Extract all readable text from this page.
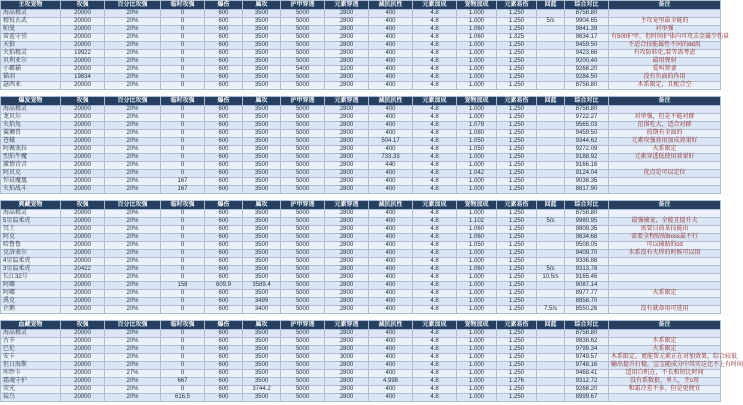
主攻宠物	攻强	百分比攻强	临时攻强	爆伤	属攻	护甲穿透	元素穿透	减抗抗性	元素加成	宠物加成	元素易伤	回蓝	综合对比	备注
海晶精灵	20000	20%	0	600	3500	5000	2800	400	4.8	1.000	1.250		8758.80	
精锐玄武	20000	20%	0	600	3500	5000	2800	400	4.8	1.000	1.250	5/s	9904.65	主攻宠里最全能的
帕曼	20000	20%	0	600	3500	5000	2800	400	4.8	1.060	1.250		9841.39	对单强
雷霆守望	20000	20%	0	600	3500	5000	2800	400	4.8	1.060	1.325		9634.17	有500护甲，但时间护体内可攻击金属少伤量
天狼	20000	20%	0	600	3500	5000	2800	400	4.8	1.000	1.250		9459.50	不适合技能属性不同的dd用
火焰精灵	19922	20%	0	600	3500	5000	2800	400	4.8	1.000	1.250		9423.66	有攻防转化,装等需考虑
贝利亚尔	20000	20%	0	600	3500	5000	2800	400	4.8	1.000	1.250		9200.40	最用弹射
小霸猫	20000	20%	0	600	3500	5400	3200	400	4.8	1.000	1.250		9268.20	爱叫贤妻
猫羽	19834	20%	0	600	3500	5000	2800	400	4.8	1.000	1.250		9284.50	没有负面的作用
瑟西亚	20000	20%	0	600	3500	5000	2800	400	4.8	1.000	1.250		8758.80	木系限定，且配合空

爆发宠物	攻强	百分比攻强	临时攻强	爆伤	属攻	护甲穿透	元素穿透	减抗抗性	元素加成	宠物加成	元素易伤	回蓝	综合对比	备注
海晶精灵	20000	20%	0	600	3500	5000	2800	400	4.8	1.000	1.250		8758.80	
龙贝尔	20000	20%	0	600	3500	5000	2800	400	4.8	1.000	1.250		9722.27	对单强，但是不能对群
火焰兔	20000	20%	0	600	3500	5000	2800	400	4.8	1.079	1.250		9565.03	范围吃大，适合对群
翼狮兽	20000	20%	0	600	3500	5000	2800	400	4.8	1.080	1.250		9459.50	前期有全面的
苍蛾	20000	20%	0	600	3500	5000	2800	504.17	4.8	1.050	1.250		9344.62	元素攻强效用加成效果好
阿佩塞拉	20000	20%	0	600	3500	5000	2800	400	4.8	1.050	1.250		9272.09	火系限定
烈焰牛魔	20000	20%	0	600	3500	5000	2800	733.33	4.8	1.000	1.250		9188.92	元素穿透低使用效果好
激情诗音	20000	20%	0	600	3500	5000	2800	440	4.8	1.000	1.250		9166.16	
阿贝克	20000	20%	0	600	3500	5000	2800	400	4.8	1.042	1.250		9124.04	优点是可以定位
悍晨魔凰	20000	20%	167	600	3500	5000	2800	400	4.8	1.000	1.250		9038.35	
火焰战斗	20000	20%	167	600	3500	5000	2800	400	4.8	1.000	1.250		8817.90	

爽藏宠物	攻强	百分比攻强	临时攻强	爆伤	属攻	护甲穿透	元素穿透	减抗抗性	元素加成	宠物加成	元素易伤	回蓝	综合对比	备注
海晶精灵	20000	20%	0	600	3500	5000	2800	400	4.8	1.000	1.250		8758.80	
5星温柔虎	20000	20%	0	600	3500	5000	2800	400	4.8	1.102	1.250	5/s	9980.95	最强辅宠，全能且提升大
冥土	20000	20%	0	600	3500	5000	2800	400	4.8	1.060	1.250		9809.35	需要目前某技能出
阿克	20000	20%	0	600	3500	5000	2800	400	4.8	1.060	1.250		9634.68	需要全程贴贴boss最不行
哈鲁鲁	20000	20%	0	600	3500	5000	2800	400	4.8	1.050	1.250		9508.05	可以辅助的cd
克洛塞尔	20000	20%	0	600	3500	5000	2800	400	4.8	1.000	1.250		9409.70	水系没有火焊的时候可以用
4星温柔虎	20000	20%	0	600	3500	5000	2800	400	4.8	1.000	1.250		9336.88	
3星温柔虎	20422	20%	0	600	3500	5000	2800	400	4.8	1.060	1.250	5/s	9313.78	
长江32号	20000	20%	0	600	3500	5000	2800	400	4.8	1.000	1.250	10.5/s	9165.46	
阿嘟	20000	20%	158	609.9	3589.4	5000	2800	400	4.8	1.000	1.250		9087.14	
阿嘟	20000	20%	0	600	3500	5000	2800	400	4.8	1.000	1.250		8977.77	火系限定
禹克	20000	20%	0	600	3499	5000	2800	400	4.8	1.000	1.250		8858.70	
企鹅	20000	20%	0	600	3400	5000	2800	400	4.8	1.000	1.250	7.5/s	8550.26	没有就备用可选用

血藏宠物	攻强	百分比攻强	临时攻强	爆伤	属攻	护甲穿透	元素穿透	减抗抗性	元素加成	宠物加成	元素易伤	回蓝	综合对比	备注
海晶精灵	20000	20%	0	600	3500	5000	2800	400	4.8	1.000	1.250		8758.80	
古辛	20000	20%	0	600	3500	5000	2800	400	4.8	1.000	1.250		9838.62	水系限定
巴伦	20000	20%	0	600	3500	5000	2800	400	4.8	1.000	1.250		9799.34	火系限定
安卡	20000	20%	0	600	3500	5000	3000	400	4.8	1.000	1.250		9749.57	木系限定，更能帮元素正在对加效果，综合较低
但日海斯	20000	20%	0	600	3500	5000	2800	400	4.8	1.000	1.250		9748.16	输出提升打稳，宝宝随成分中其实这比不上有时间
库纱卡	20000	27%	0	600	3500	5000	2800	400	4.8	1.000	1.250		9468.41	适用自机在，不长和短比时间
霜魂守护	20000	20%	667	600	3500	5000	2800	4.998	4.8	1.000	1.276		9312.72	没有系数狠，单人，主c用
荧光	20000	20%	0	600	3744.2	5000	2800	400	4.8	1.000	1.250		9268.20	和霜冷差不多，但是更便宜
猛鸟	20000	20%	616.5	600	3500	5000	2800	400	4.8	1.000	1.250		8999.67	
